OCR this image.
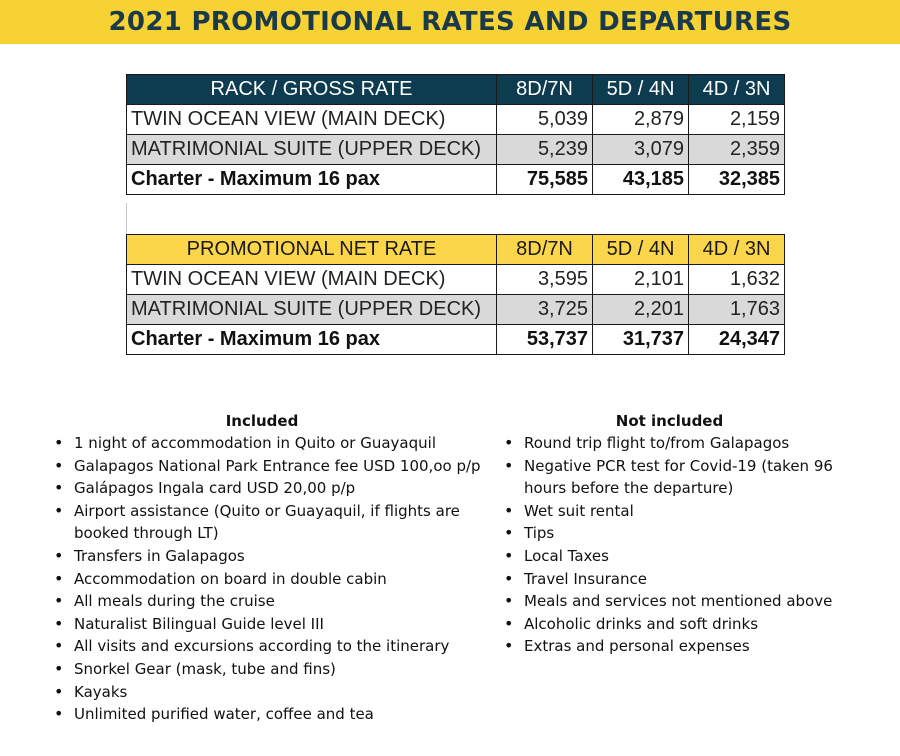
2021 PROMOTIONAL RATES AND DEPARTURES
RACK / GROSS RATE	8D/7N	5D / 4N	4D / 3N
TWIN OCEAN VIEW (MAIN DECK)	5,039	2,879	2,159
MATRIMONIAL SUITE (UPPER DECK)	5,239	3,079	2,359
Charter - Maximum 16 pax	75,585	43,185	32,385
PROMOTIONAL NET RATE	8D/7N	5D / 4N	4D / 3N
TWIN OCEAN VIEW (MAIN DECK)	3,595	2,101	1,632
MATRIMONIAL SUITE (UPPER DECK)	3,725	2,201	1,763
Charter - Maximum 16 pax	53,737	31,737	24,347
Included
• 1 night of accommodation in Quito or Guayaquil
• Galapagos National Park Entrance fee USD 100,oo p/p
• Galápagos Ingala card USD 20,00 p/p
• Airport assistance (Quito or Guayaquil, if flights are booked through LT)
• Transfers in Galapagos
• Accommodation on board in double cabin
• All meals during the cruise
• Naturalist Bilingual Guide level III
• All visits and excursions according to the itinerary
• Snorkel Gear (mask, tube and fins)
• Kayaks
• Unlimited purified water, coffee and tea
Not included
• Round trip flight to/from Galapagos
• Negative PCR test for Covid-19 (taken 96 hours before the departure)
• Wet suit rental
• Tips
• Local Taxes
• Travel Insurance
• Meals and services not mentioned above
• Alcoholic drinks and soft drinks
• Extras and personal expenses
